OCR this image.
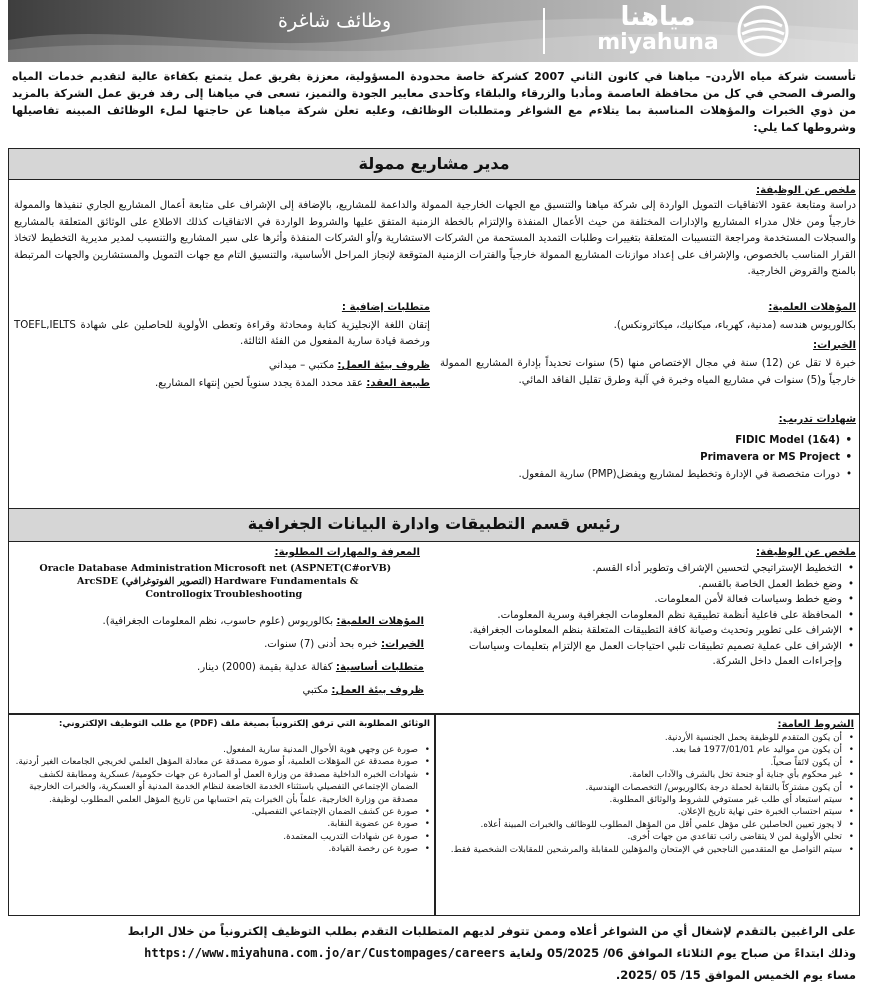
وظائف شاغرة	مياهنا
miyahuna
تأسست شركة مياه الأردن– مياهنا في كانون الثاني 2007 كشركة خاصة محدودة المسؤولية، معززة بفريق عمل يتمتع بكفاءة عالية لتقديم خدمات المياه والصرف الصحي في كل من محافظة العاصمة ومأدبا والزرقاء والبلقاء وكأحدى معايير الجودة والتميز، تسعى في مياهنا إلى رفد فريق عمل الشركة بالمزيد من ذوي الخبرات والمؤهلات المناسبة بما يتلاءم مع الشواغر ومتطلبات الوظائف، وعليه تعلن شركة مياهنا عن حاجتها لملء الوظائف المبينه تفاصيلها وشروطها كما يلي:
مدير مشاريع ممولة
ملخص عن الوظيفة:
دراسة ومتابعة عقود الاتفاقيات التمويل الواردة إلى شركة مياهنا والتنسيق مع الجهات الخارجية الممولة والداعمة للمشاريع، بالإضافة إلى الإشراف على متابعة أعمال المشاريع الجاري تنفيذها والممولة خارجياً ومن خلال مدراء المشاريع والإدارات المختلفة من حيث الأعمال المنفذة والإلتزام بالخطة الزمنية المتفق عليها والشروط الواردة في الاتفاقيات كذلك الاطلاع على الوثائق المتعلقة بالمشاريع والسجلات المستخدمة ومراجعة التنسيبات المتعلقة بتغييرات وطلبات التمديد المستحمة من الشركات الاستشارية و/أو الشركات المنفذة وأثرها على سير المشاريع والتنسيب لمدير مديرية التخطيط لاتخاذ القرار المناسب بالخصوص، والإشراف على إعداد موازنات المشاريع الممولة خارجياً والفترات الزمنية المتوقعة لإنجاز المراحل الأساسية، والتنسيق التام مع جهات التمويل والمستشارين والجهات المرتبطة بالمنح والقروض الخارجية.
المؤهلات العلمية:
بكالوريوس هندسه (مدنية، كهرباء، ميكانيك، ميكاترونكس).
الخبرات:
خبرة لا تقل عن (12) سنة في مجال الإختصاص منها (5) سنوات تحديداً بإدارة المشاريع الممولة خارجياً و(5) سنوات في مشاريع المياه وخبرة في آلية وطرق تقليل الفاقد المائي.
شهادات تدريب:
• FIDIC Model (1&4)
• Primavera or MS Project
• دورات متخصصة في الإدارة وتخطيط لمشاريع ويفضل(PMP) سارية المفعول.
متطلبات إضافية :
إتقان اللغة الإنجليزية كتابة ومحادثة وقراءة وتعطى الأولوية للحاصلين على شهادة TOEFL,IELTS ورخصة قيادة سارية المفعول من الفئة الثالثة.
ظروف بيئة العمل: مكتبي – ميداني
طبيعة العقد: عقد محدد المدة يجدد سنوياً لحين إنتهاء المشاريع.
رئيس قسم التطبيقات وادارة البيانات الجغرافية
ملخص عن الوظيفة:
• التخطيط الإستراتيجي لتحسين الإشراف وتطوير أداء القسم.
• وضع خطط العمل الخاصة بالقسم.
• وضع خطط وسياسات فعالة لأمن المعلومات.
• المحافظة على فاعلية أنظمة تطبيقية نظم المعلومات الجغرافية وسرية المعلومات.
• الإشراف على تطوير وتحديث وصيانة كافة التطبيقات المتعلقة بنظم المعلومات الجغرافية.
• الإشراف على عملية تصميم تطبيقات تلبي احتياجات العمل مع الإلتزام بتعليمات وسياسات وإجراءات العمل داخل الشركة.
المعرفة والمهارات المطلوبة:
Microsoft net (ASPNET(C#orVB)
Hardware Fundamentals &
Troubleshooting
Oracle Database Administration
ArcSDE (التصوير الفوتوغرافي)
Controllogix
المؤهلات العلمية: بكالوريوس (علوم حاسوب، نظم المعلومات الجغرافية).
الخبرات: خبره بحد أدنى (7) سنوات.
متطلبات أساسية: كفالة عدلية بقيمة (2000) دينار.
ظروف بيئة العمل: مكتبي
الشروط العامة:
• أن يكون المتقدم للوظيفة يحمل الجنسية الأردنية.
• أن يكون من مواليد عام 1977/01/01 فما بعد.
• أن يكون لائقاً صحياً.
• غير محكوم بأي جناية أو جنحة تخل بالشرف والآداب العامة.
• أن يكون مشتركاً بالنقابة لحملة درجة بكالوريوس/ التخصصات الهندسية.
• سيتم استبعاد أي طلب غير مستوفي للشروط والوثائق المطلوبة.
• سيتم احتساب الخبرة حتى نهاية تاريخ الإعلان.
• لا يجوز تعيين الحاصلين على مؤهل علمي أقل من المؤهل المطلوب للوظائف والخبرات المبينة أعلاه.
• تحلي الأولوية لمن لا يتقاضى راتب تقاعدي من جهات أخرى.
• سيتم التواصل مع المتقدمين الناجحين في الإمتحان والمؤهلين للمقابلة والمرشحين للمقابلات الشخصية فقط.
الوثائق المطلوبة التي ترفق إلكترونياً بصيغة ملف (PDF) مع طلب التوظيف الإلكتروني:
• صورة عن وجهي هوية الأحوال المدنية سارية المفعول.
• صورة مصدقة عن المؤهلات العلمية، أو صورة مصدقة عن معادلة المؤهل العلمي لخريجي الجامعات الغير أردنية.
• شهادات الخبره الداخلية مصدقة من وزارة العمل أو الصادرة عن جهات حكومية/ عسكرية ومطابقة لكشف الضمان الإجتماعي التفصيلي باستثناء الخدمة الخاضعة لنظام الخدمة المدنية أو العسكرية، والخبرات الخارجية مصدقة من وزارة الخارجية، علماً بأن الخبرات يتم احتسابها من تاريخ المؤهل العلمي المطلوب لوظيفة.
• صورة عن كشف الضمان الإجتماعي التفصيلي.
• صورة عن عضوية النقابة.
• صورة عن شهادات التدريب المعتمدة.
• صورة عن رخصة القيادة.
على الراغبين بالتقدم لإشغال أي من الشواغر أعلاه وممن تتوفر لديهم المتطلبات التقدم بطلب التوظيف إلكترونياً من خلال الرابط
وذلك ابتداءً من صباح يوم الثلاثاء الموافق 06/ 05/2025 ولغاية https://www.miyahuna.com.jo/ar/Custompages/careers
مساء يوم الخميس الموافق 15/ 05 /2025.
